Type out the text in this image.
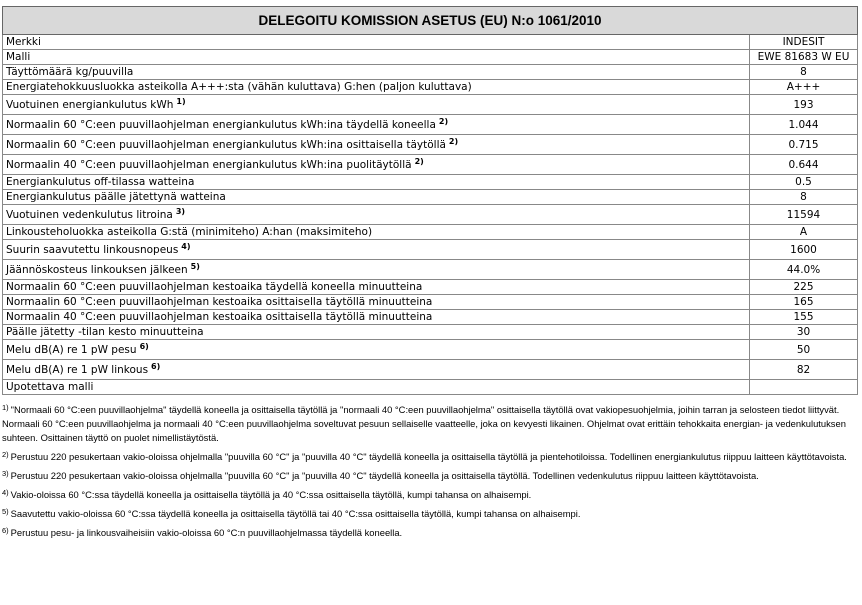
DELEGOITU KOMISSION ASETUS (EU) N:o 1061/2010	
Merkki	INDESIT
Malli	EWE 81683 W EU
Täyttömäärä kg/puuvilla	8
Energiatehokkuusluokka asteikolla A+++:sta (vähän kuluttava) G:hen (paljon kuluttava)	A+++
Vuotuinen energiankulutus kWh $^{1)}$	193
Normaalin 60 °C:een puuvillaohjelman energiankulutus kWh:ina täydellä koneella $^{2)}$	1.044
Normaalin 60 °C:een puuvillaohjelman energiankulutus kWh:ina osittaisella täytöllä $^{2)}$	0.715
Normaalin 40 °C:een puuvillaohjelman energiankulutus kWh:ina puolitäytöllä $^{2)}$	0.644
Energiankulutus off-tilassa watteina	0.5
Energiankulutus päälle jätettynä watteina	8
Vuotuinen vedenkulutus litroina $^{3)}$	11594
Linkousteholuokka asteikolla G:stä (minimiteho) A:han (maksimiteho)	A
Suurin saavutettu linkousnopeus $^{4)}$	1600
Jäännöskosteus linkouksen jälkeen $^{5)}$	44.0%
Normaalin 60 °C:een puuvillaohjelman kestoaika täydellä koneella minuutteina	225
Normaalin 60 °C:een puuvillaohjelman kestoaika osittaisella täytöllä minuutteina	165
Normaalin 40 °C:een puuvillaohjelman kestoaika osittaisella täytöllä minuutteina	155
Päälle jätetty -tilan kesto minuutteina	30
Melu dB(A) re 1 pW pesu $^{6)}$	50
Melu dB(A) re 1 pW linkous $^{6)}$	82
Upotettava malli	

$^{1)}$ "Normaali 60 °C:een puuvillaohjelma" täydellä koneella ja osittaisella täytöllä ja "normaali 40 °C:een puuvillaohjelma" osittaisella täytöllä ovat vakiopesuohjelmia, joihin tarran ja selosteen tiedot liittyvät. Normaali 60 °C:een puuvillaohjelma ja normaali 40 °C:een puuvillaohjelma soveltuvat pesuun sellaiselle vaatteelle, joka on kevyesti likainen. Ohjelmat ovat erittäin tehokkaita energian- ja vedenkulutuksen suhteen. Osittainen täyttö on puolet nimellistäytöstä.

$^{2)}$ Perustuu 220 pesukertaan vakio-oloissa ohjelmalla "puuvilla 60 °C" ja "puuvilla 40 °C" täydellä koneella ja osittaisella täytöllä ja pientehotiloissa. Todellinen energiankulutus riippuu laitteen käyttötavoista.

$^{3)}$ Perustuu 220 pesukertaan vakio-oloissa ohjelmalla "puuvilla 60 °C" ja "puuvilla 40 °C" täydellä koneella ja osittaisella täytöllä. Todellinen vedenkulutus riippuu laitteen käyttötavoista.

$^{4)}$ Vakio-oloissa 60 °C:ssa täydellä koneella ja osittaisella täytöllä ja 40 °C:ssa osittaisella täytöllä, kumpi tahansa on alhaisempi.

$^{5)}$ Saavutettu vakio-oloissa 60 °C:ssa täydellä koneella ja osittaisella täytöllä tai 40 °C:ssa osittaisella täytöllä, kumpi tahansa on alhaisempi.

$^{6)}$ Perustuu pesu- ja linkousvaiheisiin vakio-oloissa 60 °C:n puuvillaohjelmassa täydellä koneella.
